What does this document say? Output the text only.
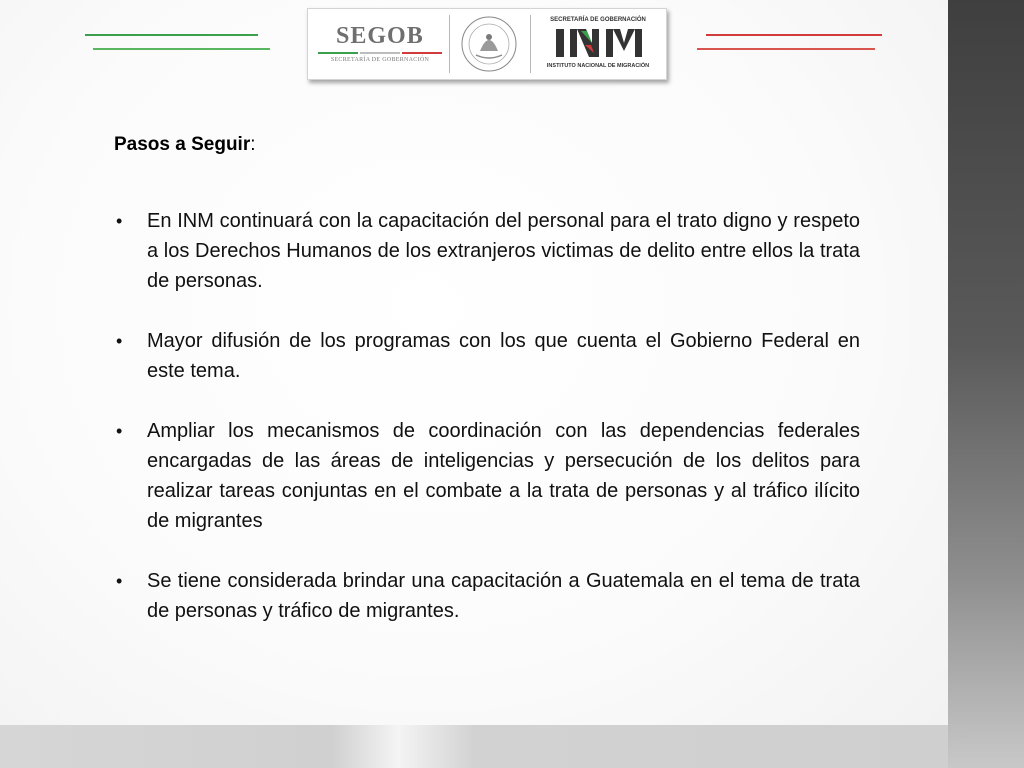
SEGOB
SECRETARÍA DE GOBERNACIÓN
SECRETARÍA DE GOBERNACIÓN
INSTITUTO NACIONAL DE MIGRACIÓN
Pasos a Seguir:
• En INM continuará con la capacitación del personal para el trato digno y respeto a los Derechos Humanos de los extranjeros victimas de delito entre ellos la trata de personas.
• Mayor difusión de los programas con los que cuenta el Gobierno Federal en este tema.
• Ampliar los mecanismos de coordinación con las dependencias federales encargadas de las áreas de inteligencias y persecución de los delitos para realizar tareas conjuntas en el combate a la trata de personas y al tráfico ilícito de migrantes
• Se tiene considerada brindar una capacitación a Guatemala en el tema de trata de personas y tráfico de migrantes.
8
